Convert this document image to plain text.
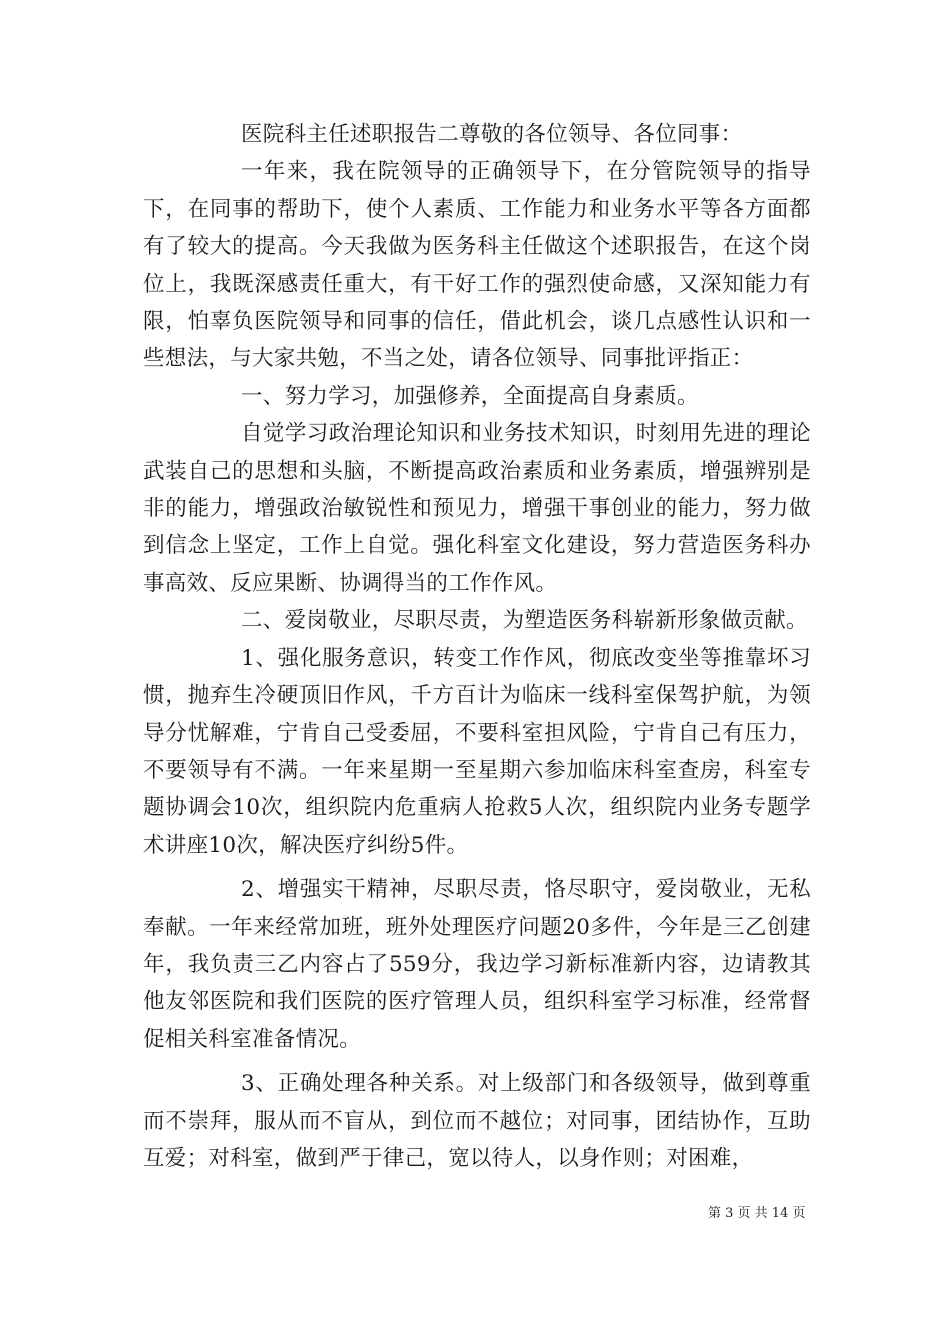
医院科主任述职报告二尊敬的各位领导、各位同事：

一年来，我在院领导的正确领导下，在分管院领导的指导下，在同事的帮助下，使个人素质、工作能力和业务水平等各方面都有了较大的提高。今天我做为医务科主任做这个述职报告，在这个岗位上，我既深感责任重大，有干好工作的强烈使命感，又深知能力有限，怕辜负医院领导和同事的信任，借此机会，谈几点感性认识和一些想法，与大家共勉，不当之处，请各位领导、同事批评指正：

一、努力学习，加强修养，全面提高自身素质。

自觉学习政治理论知识和业务技术知识，时刻用先进的理论武装自己的思想和头脑，不断提高政治素质和业务素质，增强辨别是非的能力，增强政治敏锐性和预见力，增强干事创业的能力，努力做到信念上坚定，工作上自觉。强化科室文化建设，努力营造医务科办事高效、反应果断、协调得当的工作作风。

二、爱岗敬业，尽职尽责，为塑造医务科崭新形象做贡献。

1、强化服务意识，转变工作作风，彻底改变坐等推靠坏习惯，抛弃生冷硬顶旧作风，千方百计为临床一线科室保驾护航，为领导分忧解难，宁肯自己受委屈，不要科室担风险，宁肯自己有压力，不要领导有不满。一年来星期一至星期六参加临床科室查房，科室专题协调会10次，组织院内危重病人抢救5人次，组织院内业务专题学术讲座10次，解决医疗纠纷5件。

2、增强实干精神，尽职尽责，恪尽职守，爱岗敬业，无私奉献。一年来经常加班，班外处理医疗问题20多件，今年是三乙创建年，我负责三乙内容占了559分，我边学习新标准新内容，边请教其他友邻医院和我们医院的医疗管理人员，组织科室学习标准，经常督促相关科室准备情况。

3、正确处理各种关系。对上级部门和各级领导，做到尊重而不崇拜，服从而不盲从，到位而不越位；对同事，团结协作，互助互爱；对科室，做到严于律己，宽以待人，以身作则；对困难，

第 3 页 共 14 页
